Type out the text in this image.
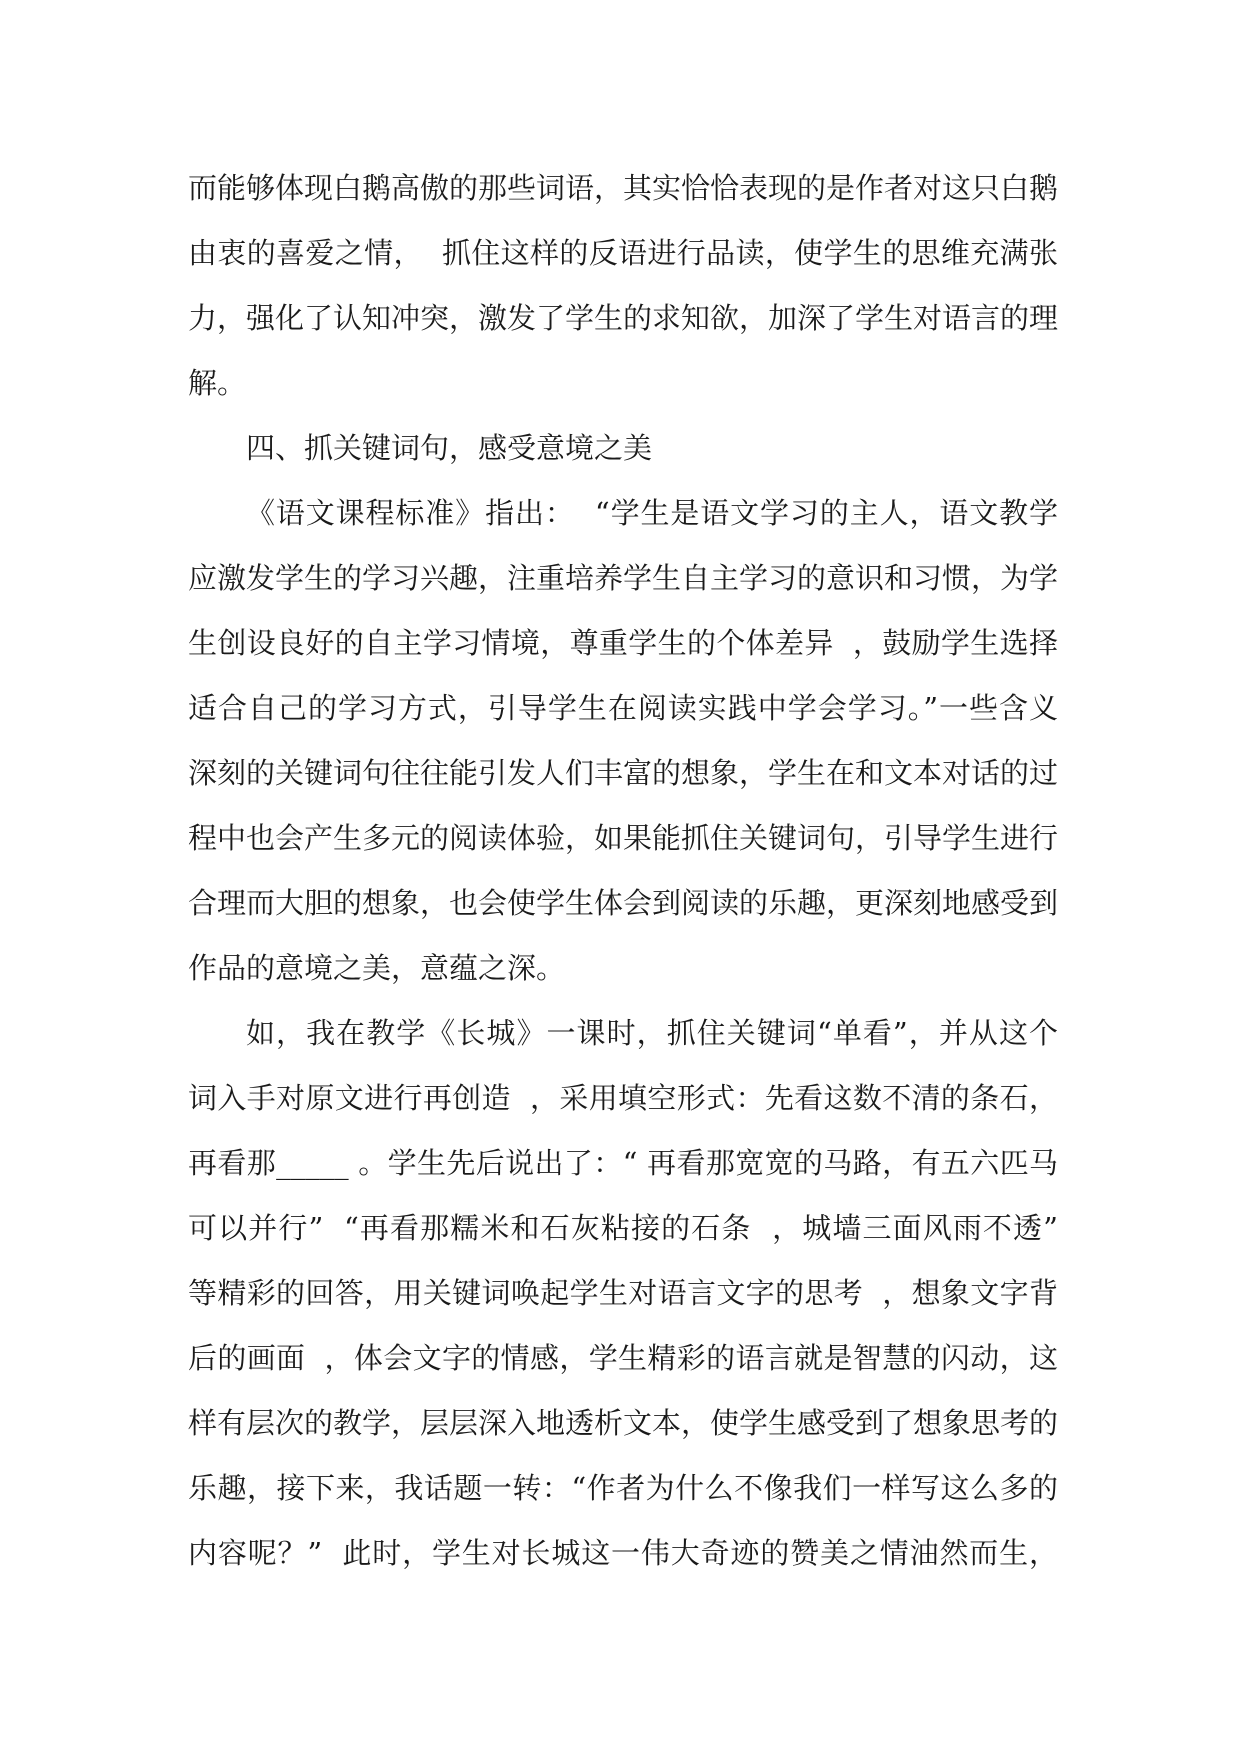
而能够体现白鹅高傲的那些词语，其实恰恰表现的是作者对这只白鹅
由衷的喜爱之情，  抓住这样的反语进行品读，使学生的思维充满张
力，强化了认知冲突，激发了学生的求知欲，加深了学生对语言的理
解。
四、抓关键词句，感受意境之美
《语文课程标准》指出：  “学生是语文学习的主人，语文教学
应激发学生的学习兴趣，注重培养学生自主学习的意识和习惯，为学
生创设良好的自主学习情境，尊重学生的个体差异  ，鼓励学生选择
适合自己的学习方式，引导学生在阅读实践中学会学习。”一些含义
深刻的关键词句往往能引发人们丰富的想象，学生在和文本对话的过
程中也会产生多元的阅读体验，如果能抓住关键词句，引导学生进行
合理而大胆的想象，也会使学生体会到阅读的乐趣，更深刻地感受到
作品的意境之美，意蕴之深。
如，我在教学《长城》一课时，抓住关键词“单看”，并从这个
词入手对原文进行再创造  ，采用填空形式：先看这数不清的条石，
再看那_____ 。学生先后说出了：“ 再看那宽宽的马路，有五六匹马
可以并行”  “再看那糯米和石灰粘接的石条  ，城墙三面风雨不透”
等精彩的回答，用关键词唤起学生对语言文字的思考  ，想象文字背
后的画面  ，体会文字的情感，学生精彩的语言就是智慧的闪动，这
样有层次的教学，层层深入地透析文本，使学生感受到了想象思考的
乐趣，接下来，我话题一转：“作者为什么不像我们一样写这么多的
内容呢？”  此时，学生对长城这一伟大奇迹的赞美之情油然而生，
